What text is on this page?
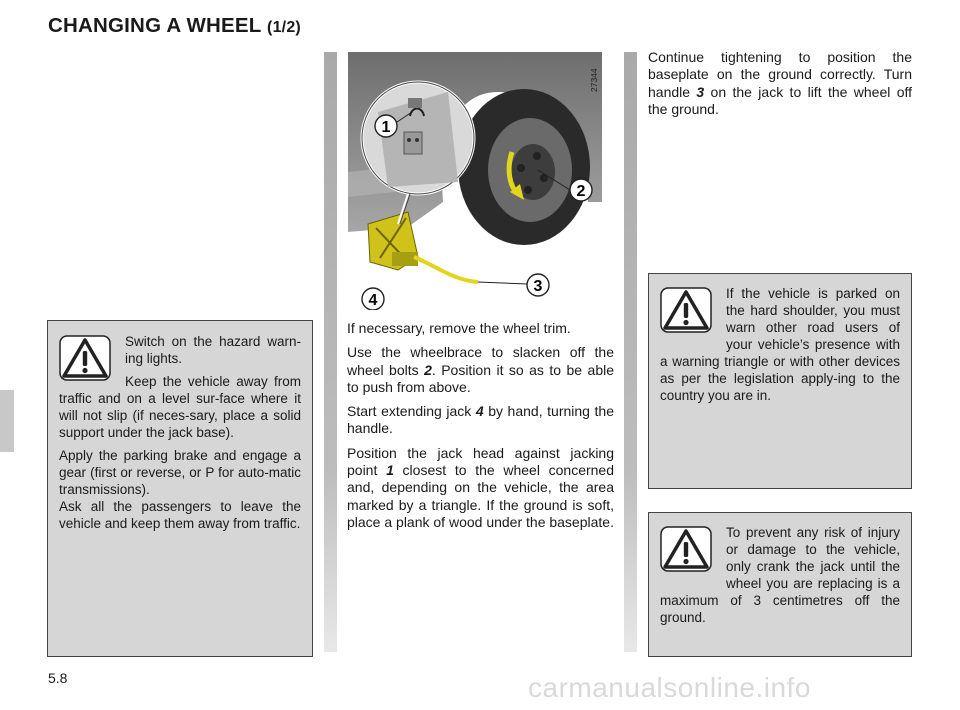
CHANGING A WHEEL (1/2)

Switch on the hazard warn-ing lights.

Keep the vehicle away from traffic and on a level sur-face where it will not slip (if neces-sary, place a solid support under the jack base).

Apply the parking brake and engage a gear (first or reverse, or P for auto-matic transmissions).

Ask all the passengers to leave the vehicle and keep them away from traffic.

27344
1
2
3
4

If necessary, remove the wheel trim.

Use the wheelbrace to slacken off the wheel bolts 2. Position it so as to be able to push from above.

Start extending jack 4 by hand, turning the handle.

Position the jack head against jacking point 1 closest to the wheel concerned and, depending on the vehicle, the area marked by a triangle. If the ground is soft, place a plank of wood under the baseplate.

Continue tightening to position the baseplate on the ground correctly. Turn handle 3 on the jack to lift the wheel off the ground.

If the vehicle is parked on the hard shoulder, you must warn other road users of your vehicle’s presence with a warning triangle or with other devices as per the legislation apply-ing to the country you are in.

To prevent any risk of injury or damage to the vehicle, only crank the jack until the wheel you are replacing is a maximum of 3 centimetres off the ground.

5.8	carmanualsonline.info
